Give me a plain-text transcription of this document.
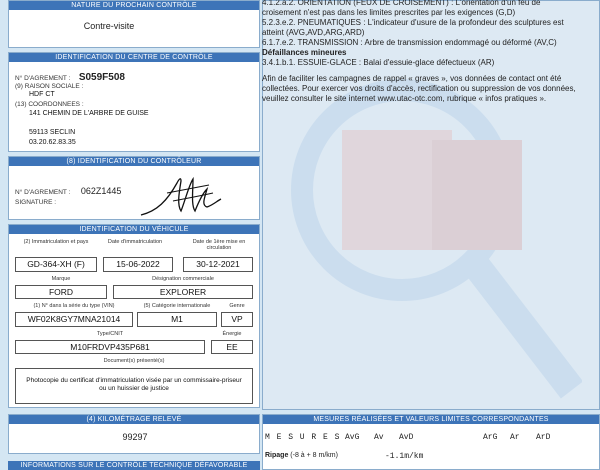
NATURE DU PROCHAIN CONTRÔLE
Contre-visite
IDENTIFICATION DU CENTRE DE CONTRÔLE
N° D'AGREMENT : S059F508
(9) RAISON SOCIALE :
HDF CT
(13) COORDONNEES :
141 CHEMIN DE L'ARBRE DE GUISE
59113 SECLIN
03.20.62.83.35
(8) IDENTIFICATION DU CONTRÔLEUR
N° D'AGREMENT : 062Z1445
SIGNATURE :
IDENTIFICATION DU VÉHICULE
(2) Immatriculation et pays	Date d'immatriculation	Date de 1ère mise en circulation
GD-364-XH (F)	15-06-2022	30-12-2021
Marque	Désignation commerciale
FORD	EXPLORER
(1) N° dans la série du type (VIN)	(5) Catégorie internationale	Genre
WF02K8GY7MNA21014	M1	VP
Type/CNIT	Énergie
M10FRDVP435P681	EE
Document(s) présenté(s)
Photocopie du certificat d'immatriculation visée par un commissaire-priseur ou un huissier de justice
(4) KILOMÉTRAGE RELEVÉ
99297
INFORMATIONS SUR LE CONTRÔLE TECHNIQUE DÉFAVORABLE
4.1.2.a.2. ORIENTATION (FEUX DE CROISEMENT) : L'orientation d'un feu de
croisement n'est pas dans les limites prescrites par les exigences (G,D)
5.2.3.e.2. PNEUMATIQUES : L'indicateur d'usure de la profondeur des sculptures est
atteint (AVG,AVD,ARG,ARD)
6.1.7.e.2. TRANSMISSION : Arbre de transmission endommagé ou déformé (AV,C)
Défaillances mineures
3.4.1.b.1. ESSUIE-GLACE : Balai d'essuie-glace défectueux (AR)
Afin de faciliter les campagnes de rappel « graves », vos données de contact ont été collectées. Pour exercer vos droits d'accès, rectification ou suppression de vos données, veuillez consulter le site internet www.utac-otc.com, rubrique « infos pratiques ».
MESURES RÉALISÉES ET VALEURS LIMITES CORRESPONDANTES
M E S U R E S AvG Av AvD	ArG Ar ArD
Ripage (-8 à + 8 m/km)	-1.1m/km
